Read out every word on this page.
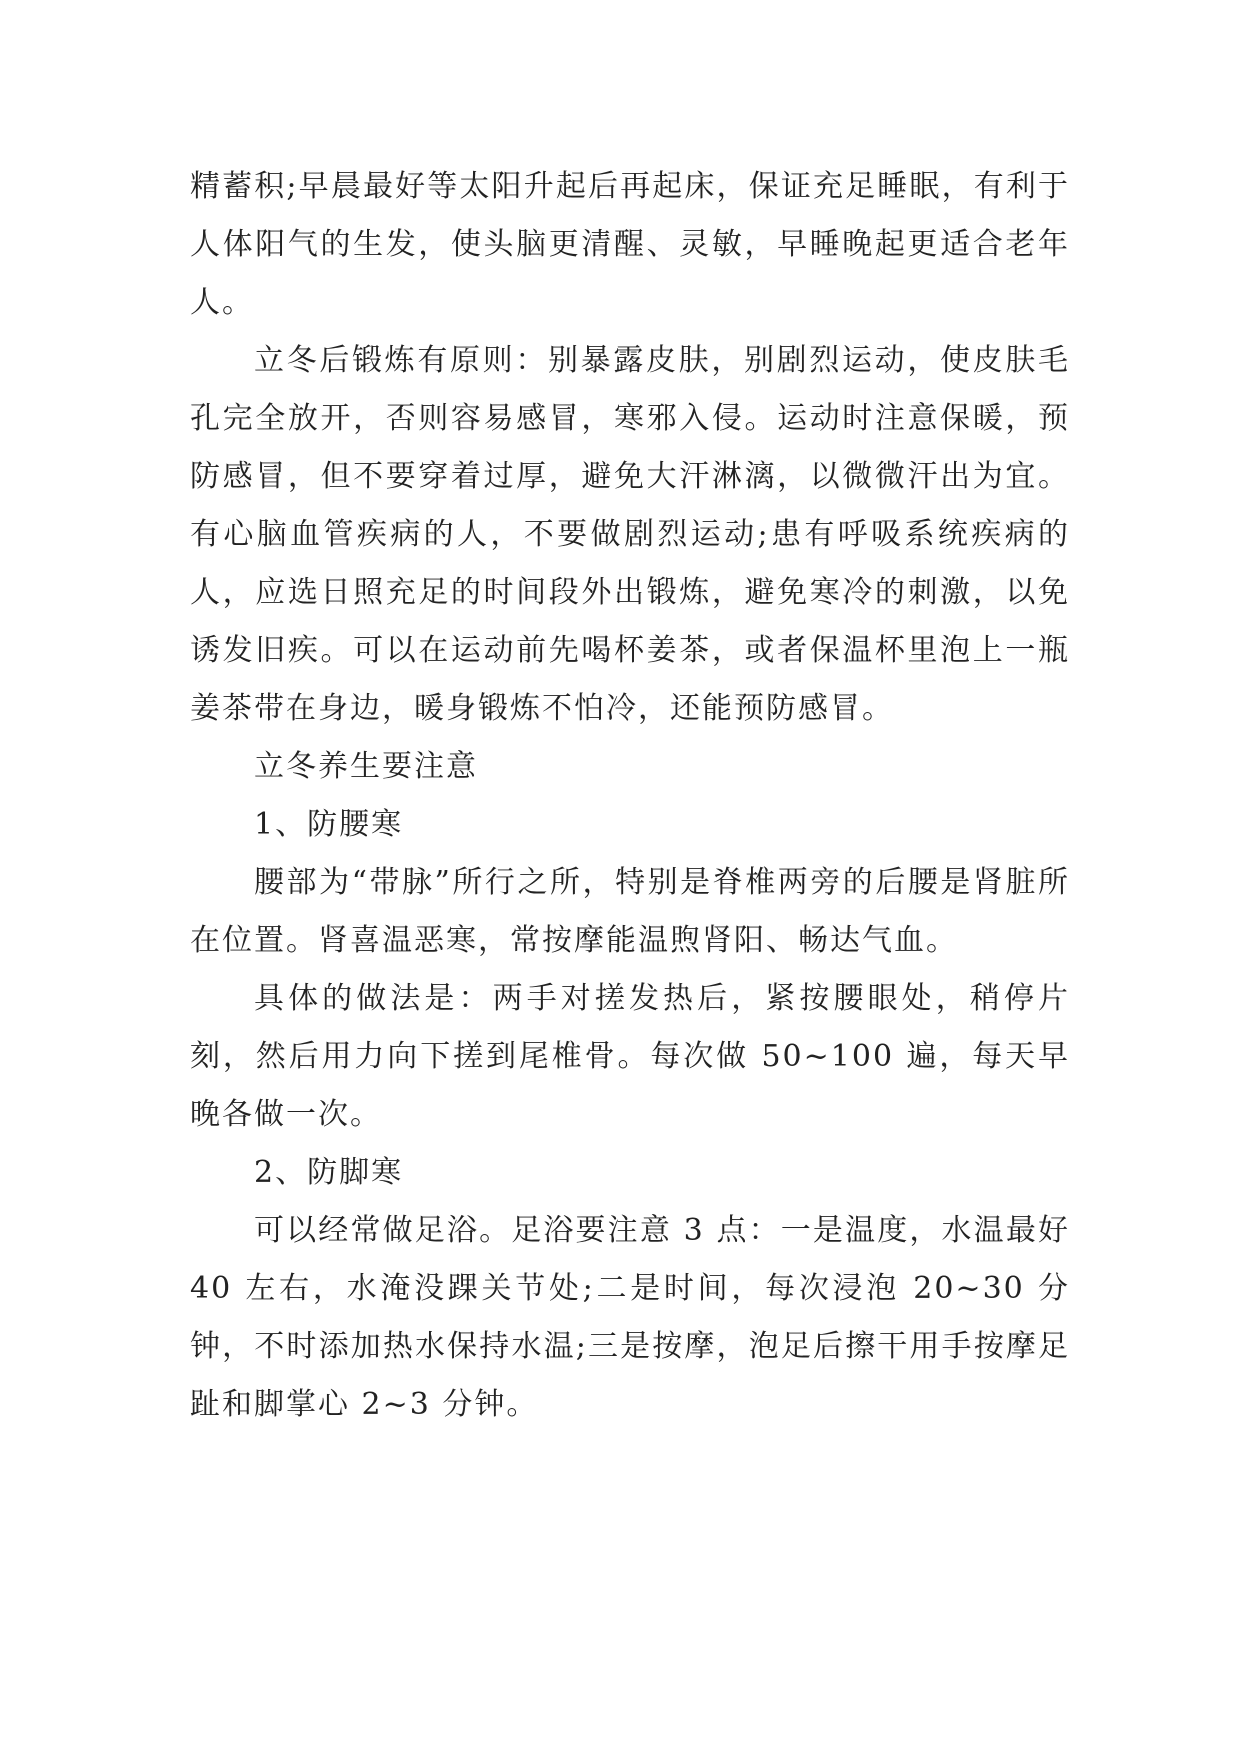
精蓄积;早晨最好等太阳升起后再起床，保证充足睡眠，有利于人体阳气的生发，使头脑更清醒、灵敏，早睡晚起更适合老年人。

立冬后锻炼有原则：别暴露皮肤，别剧烈运动，使皮肤毛孔完全放开，否则容易感冒，寒邪入侵。运动时注意保暖，预防感冒，但不要穿着过厚，避免大汗淋漓，以微微汗出为宜。有心脑血管疾病的人，不要做剧烈运动;患有呼吸系统疾病的人，应选日照充足的时间段外出锻炼，避免寒冷的刺激，以免诱发旧疾。可以在运动前先喝杯姜茶，或者保温杯里泡上一瓶姜茶带在身边，暖身锻炼不怕冷，还能预防感冒。

立冬养生要注意

1、防腰寒

腰部为“带脉”所行之所，特别是脊椎两旁的后腰是肾脏所在位置。肾喜温恶寒，常按摩能温煦肾阳、畅达气血。

具体的做法是：两手对搓发热后，紧按腰眼处，稍停片刻，然后用力向下搓到尾椎骨。每次做 50~100 遍，每天早晚各做一次。

2、防脚寒

可以经常做足浴。足浴要注意 3 点：一是温度，水温最好 40 左右，水淹没踝关节处;二是时间，每次浸泡 20~30 分钟，不时添加热水保持水温;三是按摩，泡足后擦干用手按摩足趾和脚掌心 2~3 分钟。
